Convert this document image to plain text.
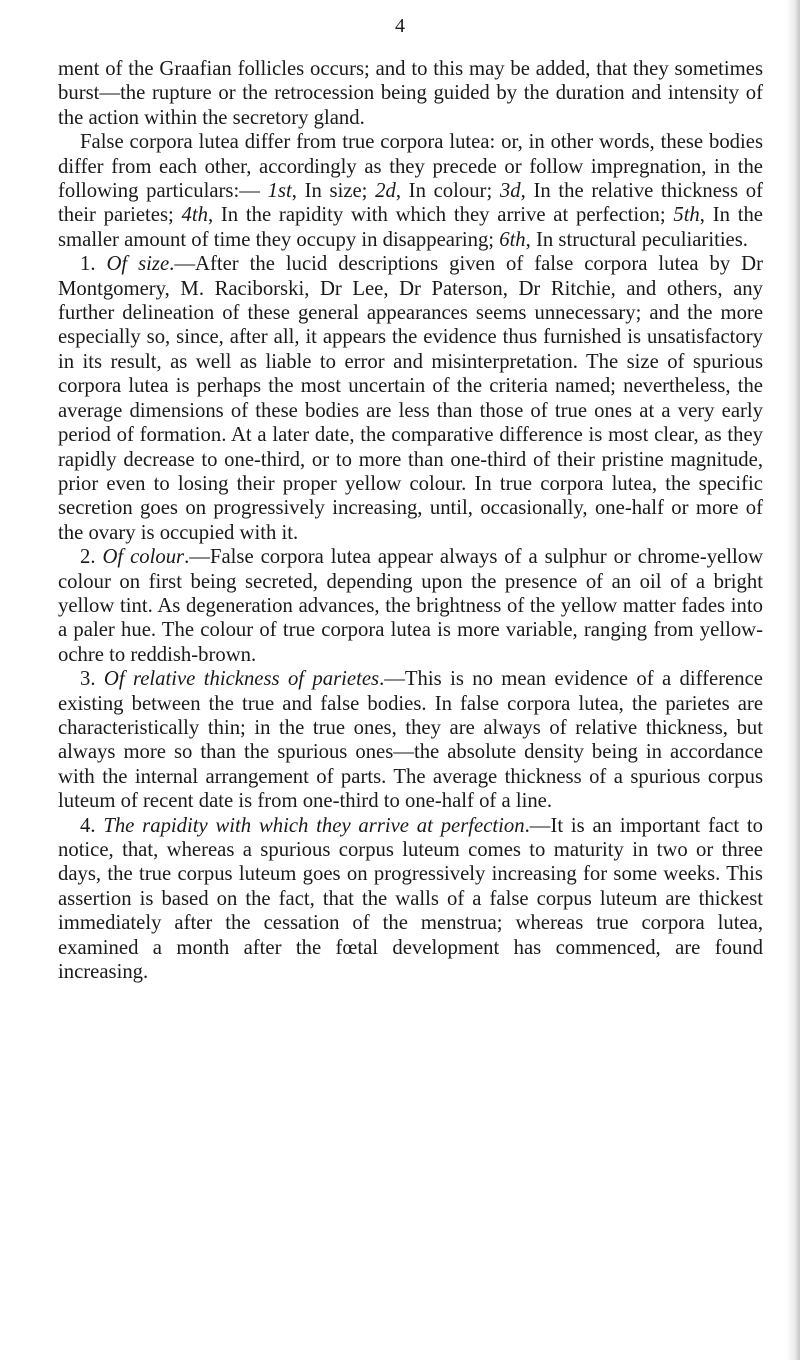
4

ment of the Graafian follicles occurs; and to this may be added, that they sometimes burst—the rupture or the retrocession being guided by the duration and intensity of the action within the secretory gland.

False corpora lutea differ from true corpora lutea: or, in other words, these bodies differ from each other, accordingly as they precede or follow impregnation, in the following particulars:— 1st, In size; 2d, In colour; 3d, In the relative thickness of their parietes; 4th, In the rapidity with which they arrive at perfection; 5th, In the smaller amount of time they occupy in disappearing; 6th, In structural peculiarities.

1. Of size.—After the lucid descriptions given of false corpora lutea by Dr Montgomery, M. Raciborski, Dr Lee, Dr Paterson, Dr Ritchie, and others, any further delineation of these general appearances seems unnecessary; and the more especially so, since, after all, it appears the evidence thus furnished is unsatisfactory in its result, as well as liable to error and misinterpretation. The size of spurious corpora lutea is perhaps the most uncertain of the criteria named; nevertheless, the average dimensions of these bodies are less than those of true ones at a very early period of formation. At a later date, the comparative difference is most clear, as they rapidly decrease to one-third, or to more than one-third of their pristine magnitude, prior even to losing their proper yellow colour. In true corpora lutea, the specific secretion goes on progressively increasing, until, occasionally, one-half or more of the ovary is occupied with it.

2. Of colour.—False corpora lutea appear always of a sulphur or chrome-yellow colour on first being secreted, depending upon the presence of an oil of a bright yellow tint. As degeneration advances, the brightness of the yellow matter fades into a paler hue. The colour of true corpora lutea is more variable, ranging from yellow-ochre to reddish-brown.

3. Of relative thickness of parietes.—This is no mean evidence of a difference existing between the true and false bodies. In false corpora lutea, the parietes are characteristically thin; in the true ones, they are always of relative thickness, but always more so than the spurious ones—the absolute density being in accordance with the internal arrangement of parts. The average thickness of a spurious corpus luteum of recent date is from one-third to one-half of a line.

4. The rapidity with which they arrive at perfection.—It is an important fact to notice, that, whereas a spurious corpus luteum comes to maturity in two or three days, the true corpus luteum goes on progressively increasing for some weeks. This assertion is based on the fact, that the walls of a false corpus luteum are thickest immediately after the cessation of the menstrua; whereas true corpora lutea, examined a month after the fœtal development has commenced, are found increasing.
